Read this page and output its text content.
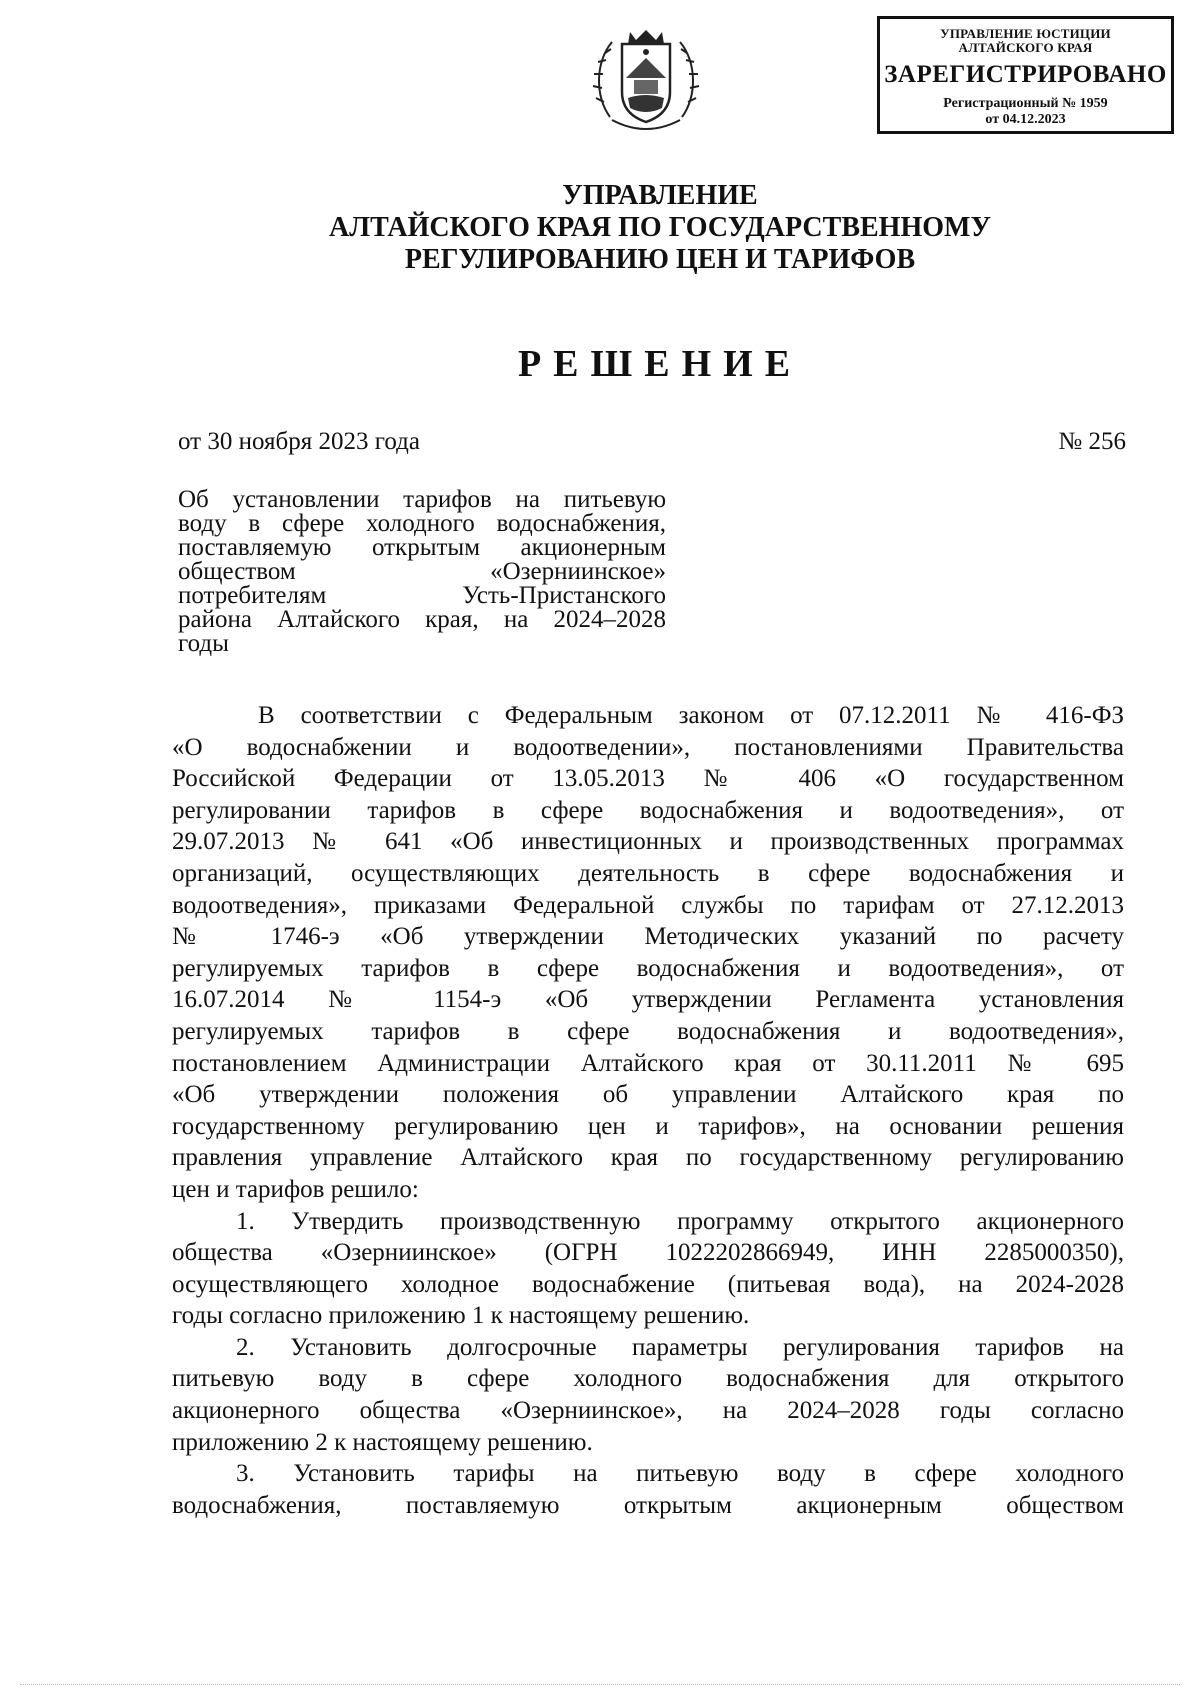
УПРАВЛЕНИЕ ЮСТИЦИИ
АЛТАЙСКОГО КРАЯ
ЗАРЕГИСТРИРОВАНО
Регистрационный № 1959
от 04.12.2023
УПРАВЛЕНИЕ
АЛТАЙСКОГО КРАЯ ПО ГОСУДАРСТВЕННОМУ
РЕГУЛИРОВАНИЮ ЦЕН И ТАРИФОВ
РЕШЕНИЕ
от 30 ноября 2023 года	№ 256
Об установлении тарифов на питьевую
воду в сфере холодного водоснабжения,
поставляемую открытым акционерным
обществом «Озерниинское»
потребителям Усть-Пристанского
района Алтайского края, на 2024–2028
годы
В соответствии с Федеральным законом от 07.12.2011 № 416-ФЗ
«О водоснабжении и водоотведении», постановлениями Правительства
Российской Федерации от 13.05.2013 № 406 «О государственном
регулировании тарифов в сфере водоснабжения и водоотведения», от
29.07.2013 № 641 «Об инвестиционных и производственных программах
организаций, осуществляющих деятельность в сфере водоснабжения и
водоотведения», приказами Федеральной службы по тарифам от 27.12.2013
№ 1746-э «Об утверждении Методических указаний по расчету
регулируемых тарифов в сфере водоснабжения и водоотведения», от
16.07.2014 № 1154-э «Об утверждении Регламента установления
регулируемых тарифов в сфере водоснабжения и водоотведения»,
постановлением Администрации Алтайского края от 30.11.2011 № 695
«Об утверждении положения об управлении Алтайского края по
государственному регулированию цен и тарифов», на основании решения
правления управление Алтайского края по государственному регулированию
цен и тарифов решило:
1. Утвердить производственную программу открытого акционерного
общества «Озерниинское» (ОГРН 1022202866949, ИНН 2285000350),
осуществляющего холодное водоснабжение (питьевая вода), на 2024-2028
годы согласно приложению 1 к настоящему решению.
2. Установить долгосрочные параметры регулирования тарифов на
питьевую воду в сфере холодного водоснабжения для открытого
акционерного общества «Озерниинское», на 2024–2028 годы согласно
приложению 2 к настоящему решению.
3. Установить тарифы на питьевую воду в сфере холодного
водоснабжения, поставляемую открытым акционерным обществом
